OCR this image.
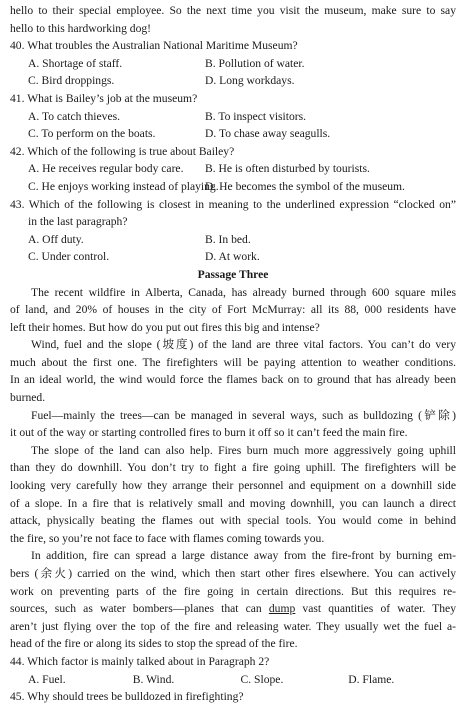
hello to their special employee. So the next time you visit the museum, make sure to say
hello to this hardworking dog!
40. What troubles the Australian National Maritime Museum?
A. Shortage of staff.	B. Pollution of water.
C. Bird droppings.	D. Long workdays.
41. What is Bailey’s job at the museum?
A. To catch thieves.	B. To inspect visitors.
C. To perform on the boats.	D. To chase away seagulls.
42. Which of the following is true about Bailey?
A. He receives regular body care.	B. He is often disturbed by tourists.
C. He enjoys working instead of playing.
D. He becomes the symbol of the museum.
43. Which of the following is closest in meaning to the underlined expression “clocked on”
in the last paragraph?
A. Off duty.	B. In bed.
C. Under control.	D. At work.
Passage Three
The recent wildfire in Alberta, Canada, has already burned through 600 square miles
of land, and 20% of houses in the city of Fort McMurray: all its 88, 000 residents have
left their homes. But how do you put out fires this big and intense?
Wind, fuel and the slope (坡度) of the land are three vital factors. You can’t do very
much about the first one. The firefighters will be paying attention to weather conditions.
In an ideal world, the wind would force the flames back on to ground that has already been
burned.
Fuel—mainly the trees—can be managed in several ways, such as bulldozing (铲除)
it out of the way or starting controlled fires to burn it off so it can’t feed the main fire.
The slope of the land can also help. Fires burn much more aggressively going uphill
than they do downhill. You don’t try to fight a fire going uphill. The firefighters will be
looking very carefully how they arrange their personnel and equipment on a downhill side
of a slope. In a fire that is relatively small and moving downhill, you can launch a direct
attack, physically beating the flames out with special tools. You would come in behind
the fire, so you’re not face to face with flames coming towards you.
In addition, fire can spread a large distance away from the fire-front by burning em-
bers (余火) carried on the wind, which then start other fires elsewhere. You can actively
work on preventing parts of the fire going in certain directions. But this requires re-
sources, such as water bombers—planes that can dump vast quantities of water. They
aren’t just flying over the top of the fire and releasing water. They usually wet the fuel a-
head of the fire or along its sides to stop the spread of the fire.
44. Which factor is mainly talked about in Paragraph 2?
A. Fuel.	B. Wind.	C. Slope.	D. Flame.
45. Why should trees be bulldozed in firefighting?
